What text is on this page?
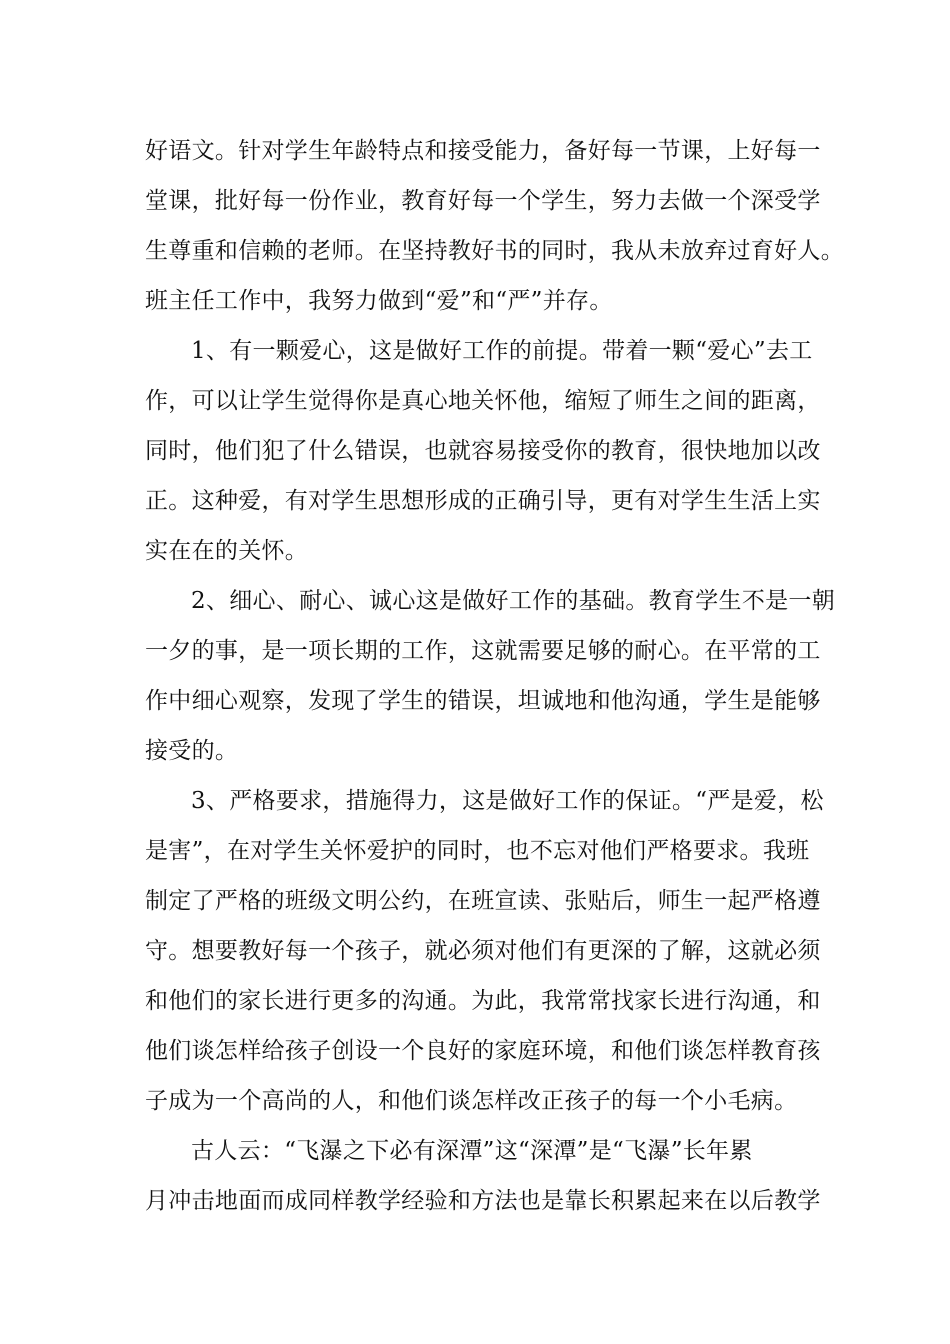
好语文。针对学生年龄特点和接受能力，备好每一节课，上好每一
堂课，批好每一份作业，教育好每一个学生，努力去做一个深受学
生尊重和信赖的老师。在坚持教好书的同时，我从未放弃过育好人。
班主任工作中，我努力做到“爱”和“严”并存。
1、有一颗爱心，这是做好工作的前提。带着一颗“爱心”去工
作，可以让学生觉得你是真心地关怀他，缩短了师生之间的距离，
同时，他们犯了什么错误，也就容易接受你的教育，很快地加以改
正。这种爱，有对学生思想形成的正确引导，更有对学生生活上实
实在在的关怀。
2、细心、耐心、诚心这是做好工作的基础。教育学生不是一朝
一夕的事，是一项长期的工作，这就需要足够的耐心。在平常的工
作中细心观察，发现了学生的错误，坦诚地和他沟通，学生是能够
接受的。
3、严格要求，措施得力，这是做好工作的保证。“严是爱，松
是害”，在对学生关怀爱护的同时，也不忘对他们严格要求。我班
制定了严格的班级文明公约，在班宣读、张贴后，师生一起严格遵
守。想要教好每一个孩子，就必须对他们有更深的了解，这就必须
和他们的家长进行更多的沟通。为此，我常常找家长进行沟通，和
他们谈怎样给孩子创设一个良好的家庭环境，和他们谈怎样教育孩
子成为一个高尚的人，和他们谈怎样改正孩子的每一个小毛病。
古人云：“飞瀑之下必有深潭”这“深潭”是“飞瀑”长年累
月冲击地面而成同样教学经验和方法也是靠长积累起来在以后教学
